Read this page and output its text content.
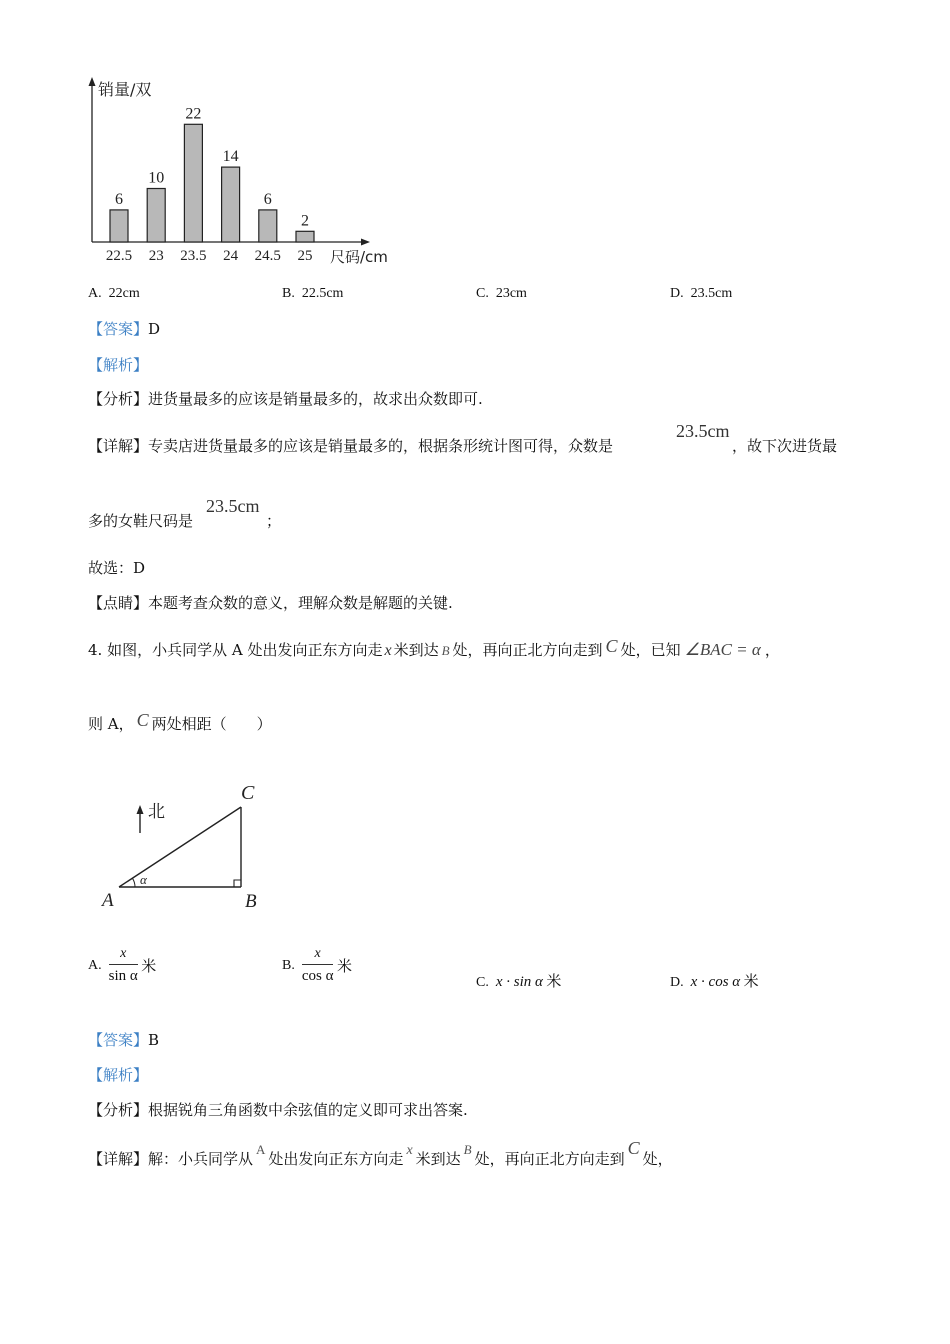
销量/双
尺码/cm
6
22.5
10
23
22
23.5
14
24
6
24.5
2
25
A. 22cm	B. 22.5cm	C. 23cm	D. 23.5cm
【答案】D
【解析】
【分析】进货量最多的应该是销量最多的，故求出众数即可.
【详解】专卖店进货量最多的应该是销量最多的，根据条形统计图可得，众数是
23.5cm
，故下次进货最
多的女鞋尺码是
23.5cm
；
故选：D
【点睛】本题考查众数的意义，理解众数是解题的关键.
4. 如图，小兵同学从 A 处出发向正东方向走 x 米到达 B 处，再向正北方向走到 C 处，已知 ∠BAC = α ，
则 A， C 两处相距（　　）
北
α
A	B
C
A. $\frac{x}{\text{sin α}}$ 米	B. $\frac{x}{\text{cos α}}$ 米
C. x · sin α 米	D. x · cos α 米
【答案】B
【解析】
【分析】根据锐角三角函数中余弦值的定义即可求出答案.
【详解】解：小兵同学从A处出发向正东方向走 x 米到达B处，再向正北方向走到C处，
